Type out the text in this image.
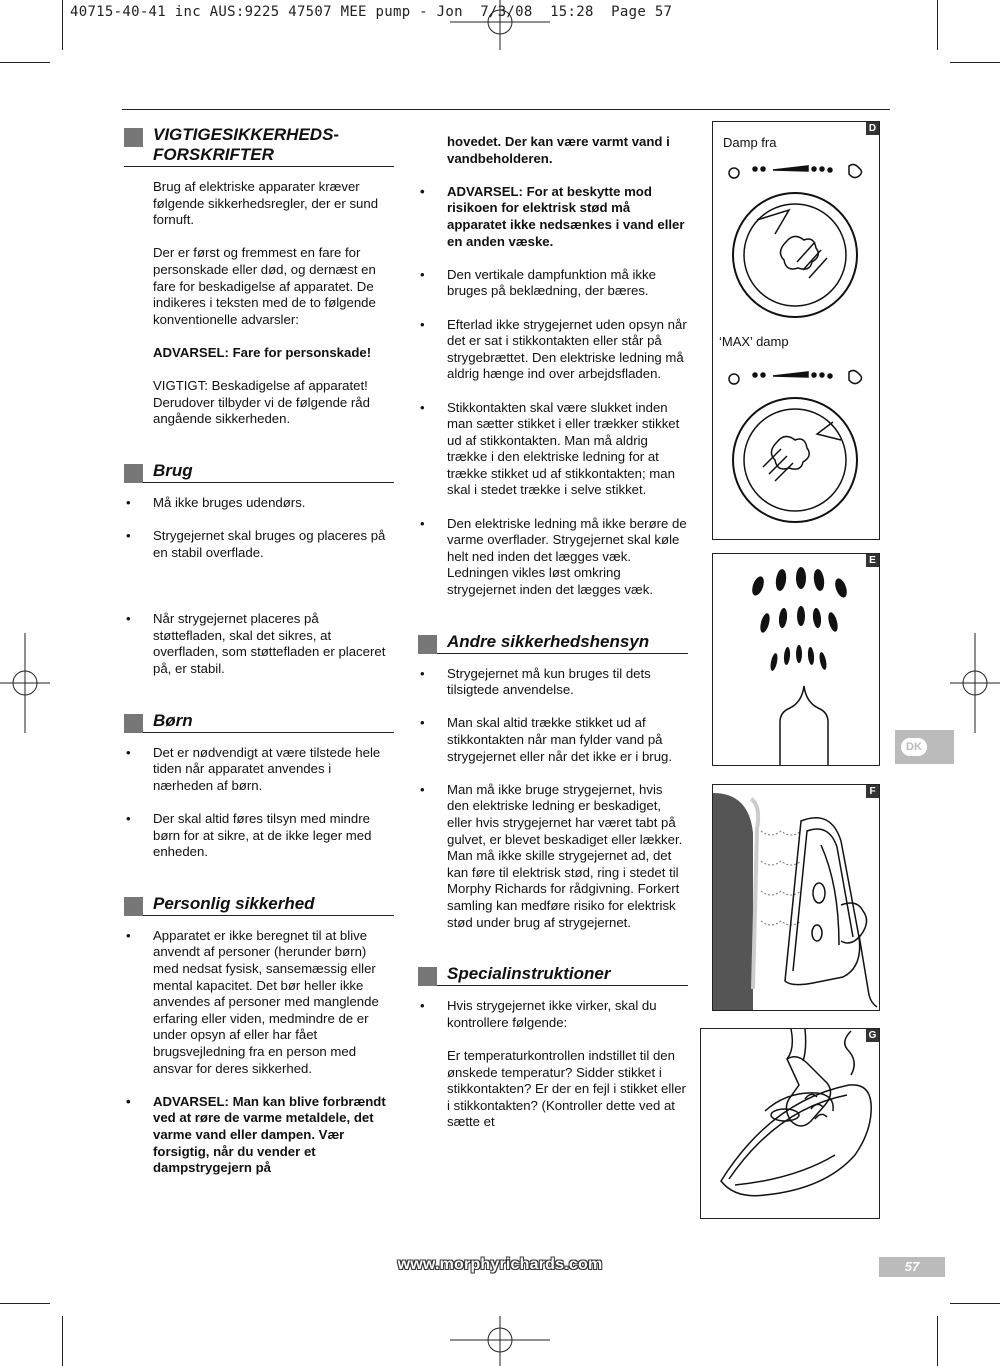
40715-40-41 inc AUS:9225 47507 MEE pump - Jon  7/3/08  15:28  Page 57
VIGTIGESIKKERHEDS-
FORSKRIFTER

Brug af elektriske apparater kræver følgende sikkerhedsregler, der er sund fornuft.

Der er først og fremmest en fare for personskade eller død, og dernæst en fare for beskadigelse af apparatet. De indikeres i teksten med de to følgende konventionelle advarsler:

ADVARSEL: Fare for personskade!

VIGTIGT: Beskadigelse af apparatet! Derudover tilbyder vi de følgende råd angående sikkerheden.

Brug
• Må ikke bruges udendørs.
• Strygejernet skal bruges og placeres på en stabil overflade.
• Når strygejernet placeres på støttefladen, skal det sikres, at overfladen, som støttefladen er placeret på, er stabil.
Børn
• Det er nødvendigt at være tilstede hele tiden når apparatet anvendes i nærheden af børn.
• Der skal altid føres tilsyn med mindre børn for at sikre, at de ikke leger med enheden.
Personlig sikkerhed
• Apparatet er ikke beregnet til at blive anvendt af personer (herunder børn) med nedsat fysisk, sansemæssig eller mental kapacitet. Det bør heller ikke anvendes af personer med manglende erfaring eller viden, medmindre de er under opsyn af eller har fået brugsvejledning fra en person med ansvar for deres sikkerhed.
• ADVARSEL: Man kan blive forbrændt ved at røre de varme metaldele, det varme vand eller dampen. Vær forsigtig, når du vender et dampstrygejern på

hovedet. Der kan være varmt vand i vandbeholderen.

• ADVARSEL: For at beskytte mod risikoen for elektrisk stød må apparatet ikke nedsænkes i vand eller en anden væske.
• Den vertikale dampfunktion må ikke bruges på beklædning, der bæres.
• Efterlad ikke strygejernet uden opsyn når det er sat i stikkontakten eller står på strygebrættet. Den elektriske ledning må aldrig hænge ind over arbejdsfladen.
• Stikkontakten skal være slukket inden man sætter stikket i eller trækker stikket ud af stikkontakten. Man må aldrig trække i den elektriske ledning for at trække stikket ud af stikkontakten; man skal i stedet trække i selve stikket.
• Den elektriske ledning må ikke berøre de varme overflader. Strygejernet skal køle helt ned inden det lægges væk. Ledningen vikles løst omkring strygejernet inden det lægges væk.
Andre sikkerhedshensyn
• Strygejernet må kun bruges til dets tilsigtede anvendelse.
• Man skal altid trække stikket ud af stikkontakten når man fylder vand på strygejernet eller når det ikke er i brug.
• Man må ikke bruge strygejernet, hvis den elektriske ledning er beskadiget, eller hvis strygejernet har været tabt på gulvet, er blevet beskadiget eller lækker. Man må ikke skille strygejernet ad, det kan føre til elektrisk stød, ring i stedet til Morphy Richards for rådgivning. Forkert samling kan medføre risiko for elektrisk stød under brug af strygejernet.
Specialinstruktioner
• Hvis strygejernet ikke virker, skal du kontrollere følgende:

Er temperaturkontrollen indstillet til den ønskede temperatur? Sidder stikket i stikkontakten? Er der en fejl i stikket eller i stikkontakten? (Kontroller dette ved at sætte et

D
Damp fra
‘MAX’ damp
E
F
G
DK
www.morphyrichards.com	57
